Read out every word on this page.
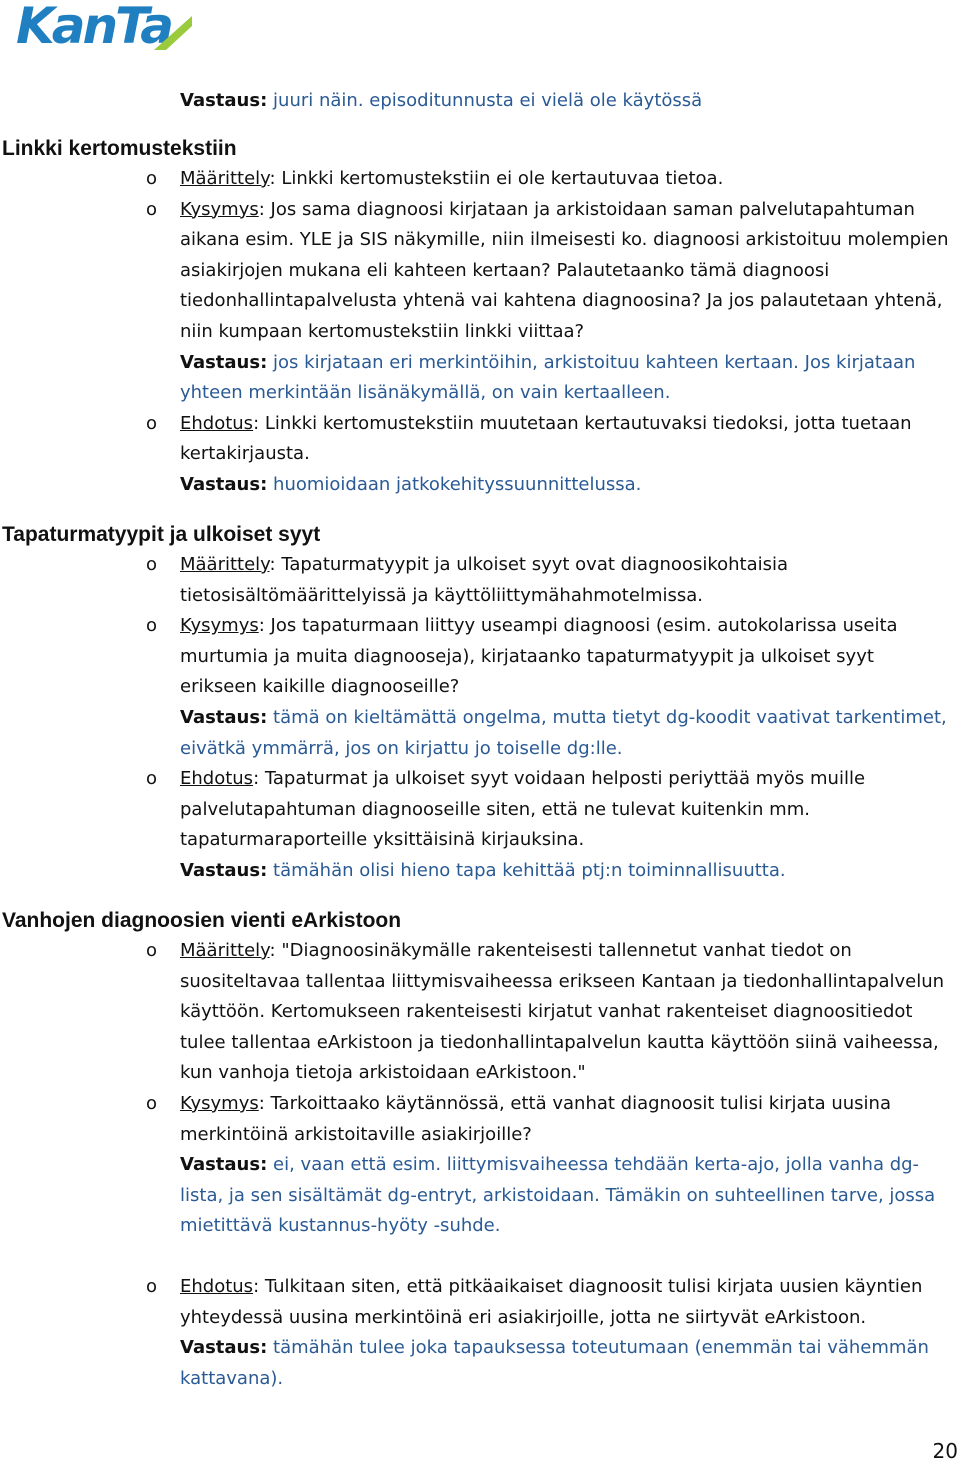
KanTa
Vastaus: juuri näin. episoditunnusta ei vielä ole käytössä
Linkki kertomustekstiin
o Määrittely: Linkki kertomustekstiin ei ole kertautuvaa tietoa.
o Kysymys: Jos sama diagnoosi kirjataan ja arkistoidaan saman palvelutapahtuman aikana esim. YLE ja SIS näkymille, niin ilmeisesti ko. diagnoosi arkistoituu molempien asiakirjojen mukana eli kahteen kertaan? Palautetaanko tämä diagnoosi tiedonhallintapalvelusta yhtenä vai kahtena diagnoosina? Ja jos palautetaan yhtenä, niin kumpaan kertomustekstiin linkki viittaa?
Vastaus: jos kirjataan eri merkintöihin, arkistoituu kahteen kertaan. Jos kirjataan yhteen merkintään lisänäkymällä, on vain kertaalleen.
o Ehdotus: Linkki kertomustekstiin muutetaan kertautuvaksi tiedoksi, jotta tuetaan kertakirjausta.
Vastaus: huomioidaan jatkokehityssuunnittelussa.
Tapaturmatyypit ja ulkoiset syyt
o Määrittely: Tapaturmatyypit ja ulkoiset syyt ovat diagnoosikohtaisia tietosisältömäärittelyissä ja käyttöliittymähahmotelmissa.
o Kysymys: Jos tapaturmaan liittyy useampi diagnoosi (esim. autokolarissa useita murtumia ja muita diagnooseja), kirjataanko tapaturmatyypit ja ulkoiset syyt erikseen kaikille diagnooseille?
Vastaus: tämä on kieltämättä ongelma, mutta tietyt dg-koodit vaativat tarkentimet, eivätkä ymmärrä, jos on kirjattu jo toiselle dg:lle.
o Ehdotus: Tapaturmat ja ulkoiset syyt voidaan helposti periyttää myös muille palvelutapahtuman diagnooseille siten, että ne tulevat kuitenkin mm. tapaturmaraporteille yksittäisinä kirjauksina.
Vastaus: tämähän olisi hieno tapa kehittää ptj:n toiminnallisuutta.
Vanhojen diagnoosien vienti eArkistoon
o Määrittely: "Diagnoosinäkymälle rakenteisesti tallennetut vanhat tiedot on suositeltavaa tallentaa liittymisvaiheessa erikseen Kantaan ja tiedonhallintapalvelun käyttöön. Kertomukseen rakenteisesti kirjatut vanhat rakenteiset diagnoositiedot tulee tallentaa eArkistoon ja tiedonhallintapalvelun kautta käyttöön siinä vaiheessa, kun vanhoja tietoja arkistoidaan eArkistoon."
o Kysymys: Tarkoittaako käytännössä, että vanhat diagnoosit tulisi kirjata uusina merkintöinä arkistoitaville asiakirjoille?
Vastaus: ei, vaan että esim. liittymisvaiheessa tehdään kerta-ajo, jolla vanha dg-lista, ja sen sisältämät dg-entryt, arkistoidaan. Tämäkin on suhteellinen tarve, jossa mietittävä kustannus-hyöty -suhde.
o Ehdotus: Tulkitaan siten, että pitkäaikaiset diagnoosit tulisi kirjata uusien käyntien yhteydessä uusina merkintöinä eri asiakirjoille, jotta ne siirtyvät eArkistoon.
Vastaus: tämähän tulee joka tapauksessa toteutumaan (enemmän tai vähemmän kattavana).
20
